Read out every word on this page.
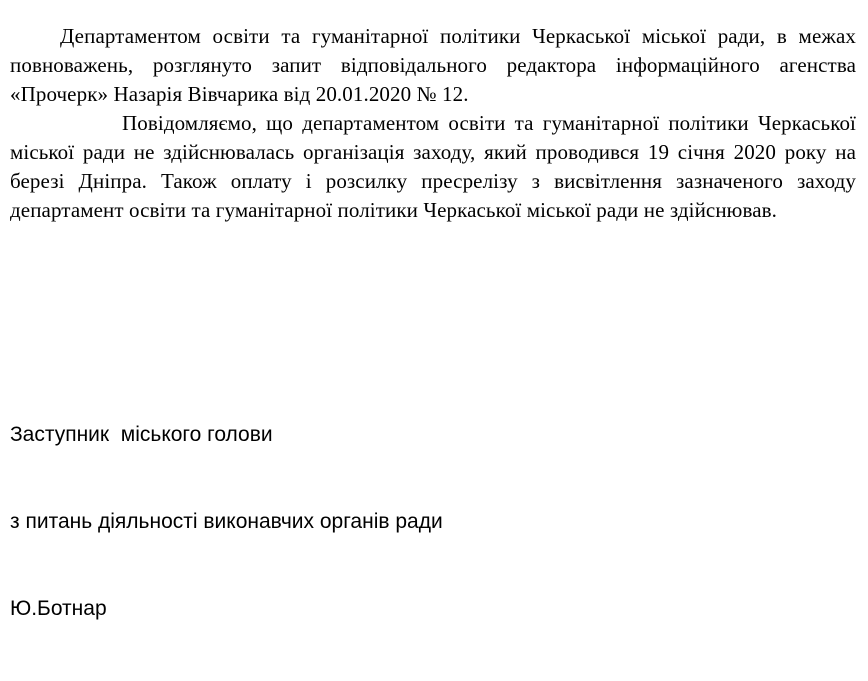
Департаментом освіти та гуманітарної політики Черкаської міської ради, в межах повноважень, розглянуто запит відповідального редактора інформаційного агенства «Прочерк» Назарія Вівчарика від 20.01.2020 № 12.

Повідомляємо, що департаментом освіти та гуманітарної політики Черкаської міської ради не здійснювалась організація заходу, який проводився 19 січня 2020 року на березі Дніпра. Також оплату і розсилку пресрелізу з висвітлення зазначеного заходу департамент освіти та гуманітарної політики Черкаської міської ради не здійснював.

Заступник  міського голови

з питань діяльності виконавчих органів ради

Ю.Ботнар
